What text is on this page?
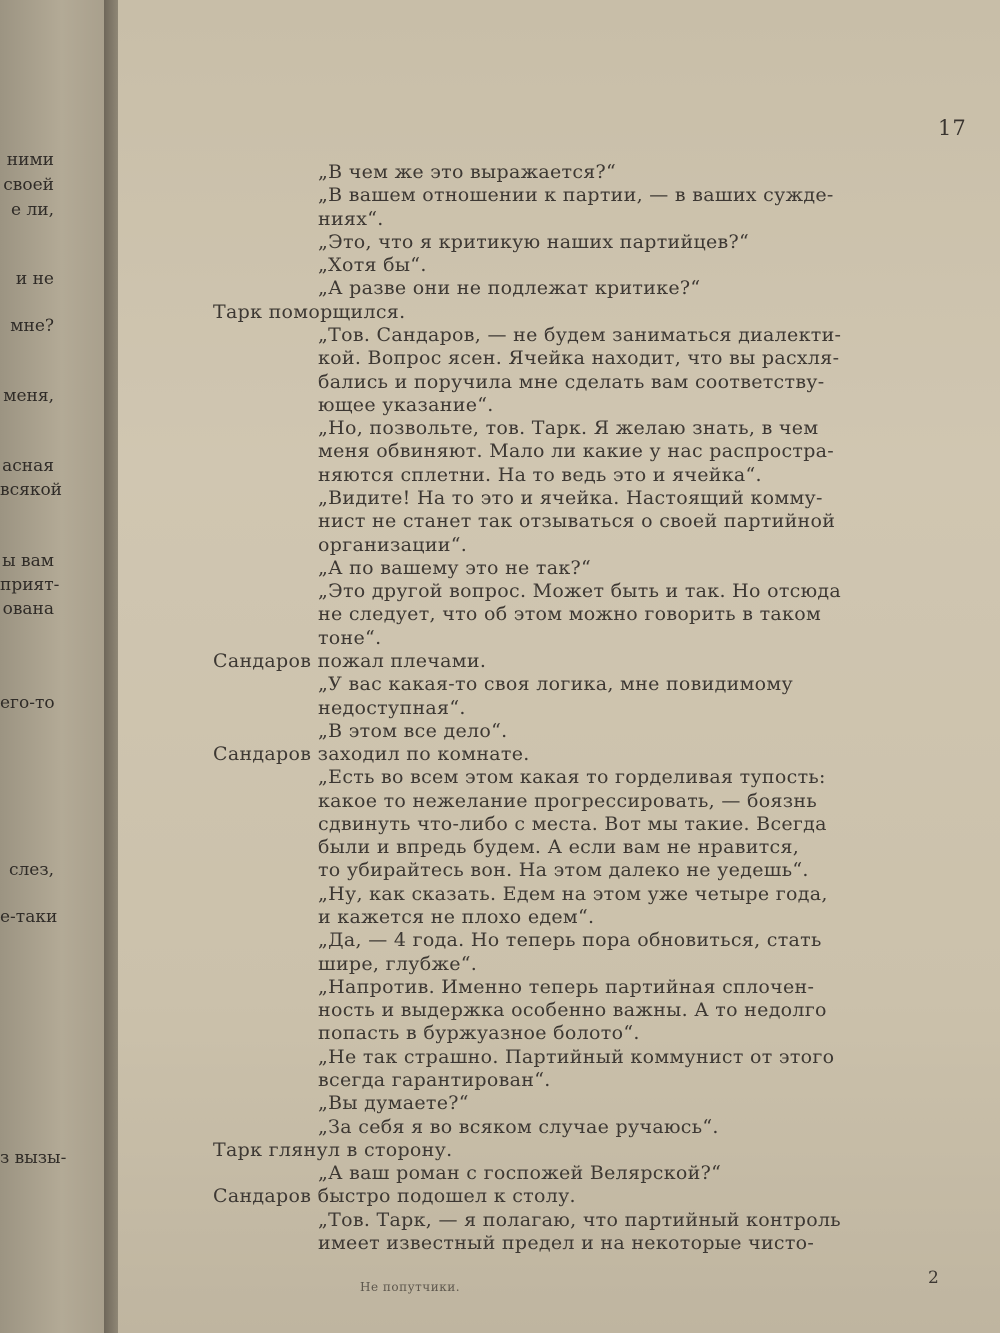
ними
своей
е ли,
и не
мне?
меня,
асная
всякой
ы вам
прият-
ована
его-то
слез,
е-таки
з вызы-
17
„В чем же это выражается?“
„В вашем отношении к партии, — в ваших сужде-
ниях“.
„Это, что я критикую наших партийцев?“
„Хотя бы“.
„А разве они не подлежат критике?“
Тарк поморщился.
„Тов. Сандаров, — не будем заниматься диалекти-
кой. Вопрос ясен. Ячейка находит, что вы расхля-
бались и поручила мне сделать вам соответству-
ющее указание“.
„Но, позвольте, тов. Тарк. Я желаю знать, в чем
меня обвиняют. Мало ли какие у нас распростра-
няются сплетни. На то ведь это и ячейка“.
„Видите! На то это и ячейка. Настоящий комму-
нист не станет так отзываться о своей партийной
организации“.
„А по вашему это не так?“
„Это другой вопрос. Может быть и так. Но отсюда
не следует, что об этом можно говорить в таком
тоне“.
Сандаров пожал плечами.
„У вас какая-то своя логика, мне повидимому
недоступная“.
„В этом все дело“.
Сандаров заходил по комнате.
„Есть во всем этом какая то горделивая тупость:
какое то нежелание прогрессировать, — боязнь
сдвинуть что-либо с места. Вот мы такие. Всегда
были и впредь будем. А если вам не нравится,
то убирайтесь вон. На этом далеко не уедешь“.
„Ну, как сказать. Едем на этом уже четыре года,
и кажется не плохо едем“.
„Да, — 4 года. Но теперь пора обновиться, стать
шире, глубже“.
„Напротив. Именно теперь партийная сплочен-
ность и выдержка особенно важны. А то недолго
попасть в буржуазное болото“.
„Не так страшно. Партийный коммунист от этого
всегда гарантирован“.
„Вы думаете?“
„За себя я во всяком случае ручаюсь“.
Тарк глянул в сторону.
„А ваш роман с госпожей Велярской?“
Сандаров быстро подошел к столу.
„Тов. Тарк, — я полагаю, что партийный контроль
имеет известный предел и на некоторые чисто-
Не попутчики.	2
